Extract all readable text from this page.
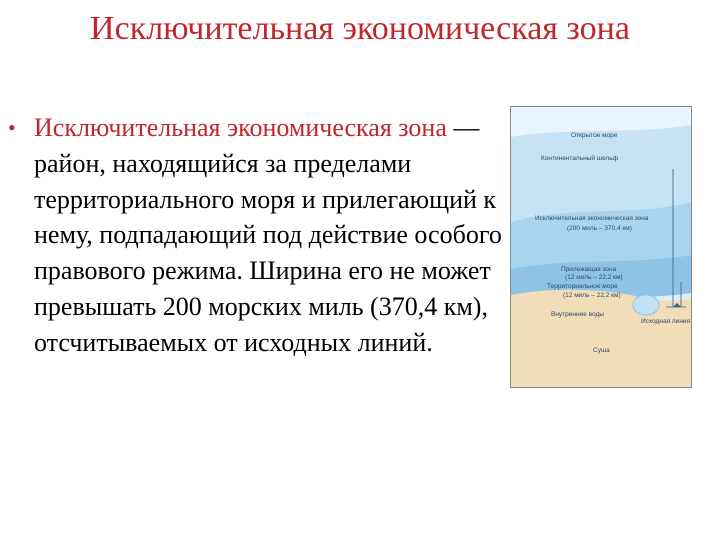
Исключительная экономическая зона
• Исключительная экономическая зона — район, находящийся за пределами территориального моря и прилегающий к нему, подпадающий под действие особого правового режима. Ширина его не может превышать 200 морских миль (370,4 км), отсчитываемых от исходных линий.
Открытое море
Континентальный шельф
Исключительная экономическая зона
(200 миль – 370,4 км)
Прилежащая зона
(12 миль – 22,2 км)
Территориальное море
(12 миль – 22,2 км)
Внутренние воды
Исходная линия
Суша
